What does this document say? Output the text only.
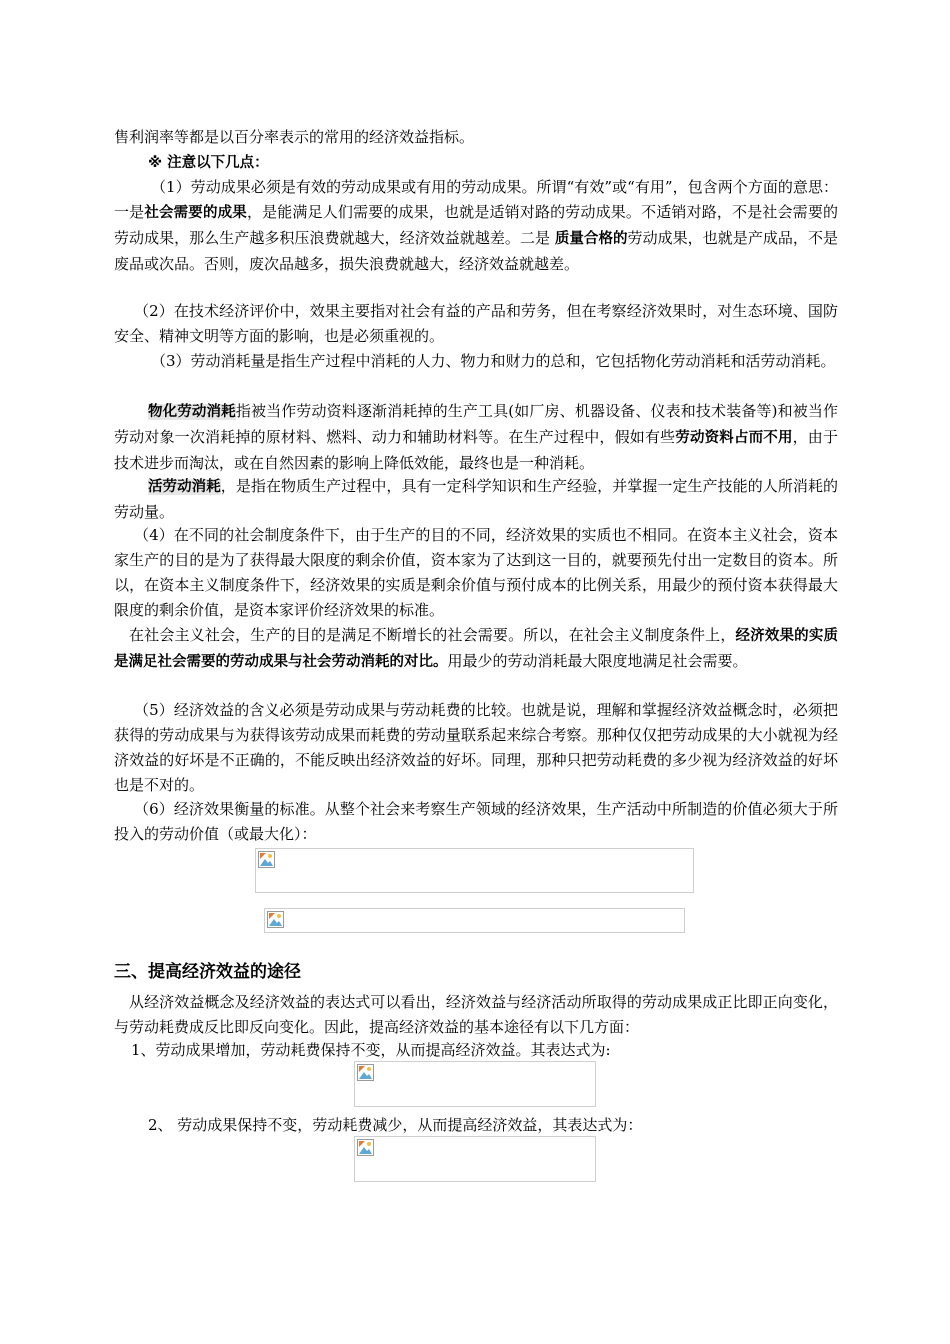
售利润率等都是以百分率表示的常用的经济效益指标。

※ 注意以下几点：

（1）劳动成果必须是有效的劳动成果或有用的劳动成果。所谓“有效”或“有用”，包含两个方面的意思：一是社会需要的成果，是能满足人们需要的成果，也就是适销对路的劳动成果。不适销对路，不是社会需要的劳动成果，那么生产越多积压浪费就越大，经济效益就越差。二是 质量合格的劳动成果，也就是产成品，不是废品或次品。否则，废次品越多，损失浪费就越大，经济效益就越差。

（2）在技术经济评价中，效果主要指对社会有益的产品和劳务，但在考察经济效果时，对生态环境、国防安全、精神文明等方面的影响，也是必须重视的。

（3）劳动消耗量是指生产过程中消耗的人力、物力和财力的总和，它包括物化劳动消耗和活劳动消耗。

物化劳动消耗指被当作劳动资料逐渐消耗掉的生产工具(如厂房、机器设备、仪表和技术装备等)和被当作劳动对象一次消耗掉的原材料、燃料、动力和辅助材料等。在生产过程中，假如有些劳动资料占而不用，由于技术进步而淘汰，或在自然因素的影响上降低效能，最终也是一种消耗。

活劳动消耗，是指在物质生产过程中，具有一定科学知识和生产经验，并掌握一定生产技能的人所消耗的劳动量。

（4）在不同的社会制度条件下，由于生产的目的不同，经济效果的实质也不相同。在资本主义社会，资本家生产的目的是为了获得最大限度的剩余价值，资本家为了达到这一目的，就要预先付出一定数目的资本。所以，在资本主义制度条件下，经济效果的实质是剩余价值与预付成本的比例关系，用最少的预付资本获得最大限度的剩余价值，是资本家评价经济效果的标准。

在社会主义社会，生产的目的是满足不断增长的社会需要。所以，在社会主义制度条件上，经济效果的实质是满足社会需要的劳动成果与社会劳动消耗的对比。用最少的劳动消耗最大限度地满足社会需要。

（5）经济效益的含义必须是劳动成果与劳动耗费的比较。也就是说，理解和掌握经济效益概念时，必须把获得的劳动成果与为获得该劳动成果而耗费的劳动量联系起来综合考察。那种仅仅把劳动成果的大小就视为经济效益的好坏是不正确的，不能反映出经济效益的好坏。同理，那种只把劳动耗费的多少视为经济效益的好坏也是不对的。

（6）经济效果衡量的标准。从整个社会来考察生产领域的经济效果，生产活动中所制造的价值必须大于所投入的劳动价值（或最大化）：

三、提高经济效益的途径

从经济效益概念及经济效益的表达式可以看出，经济效益与经济活动所取得的劳动成果成正比即正向变化，与劳动耗费成反比即反向变化。因此，提高经济效益的基本途径有以下几方面：

1、劳动成果增加，劳动耗费保持不变，从而提高经济效益。其表达式为:

2、 劳动成果保持不变，劳动耗费减少，从而提高经济效益，其表达式为：
